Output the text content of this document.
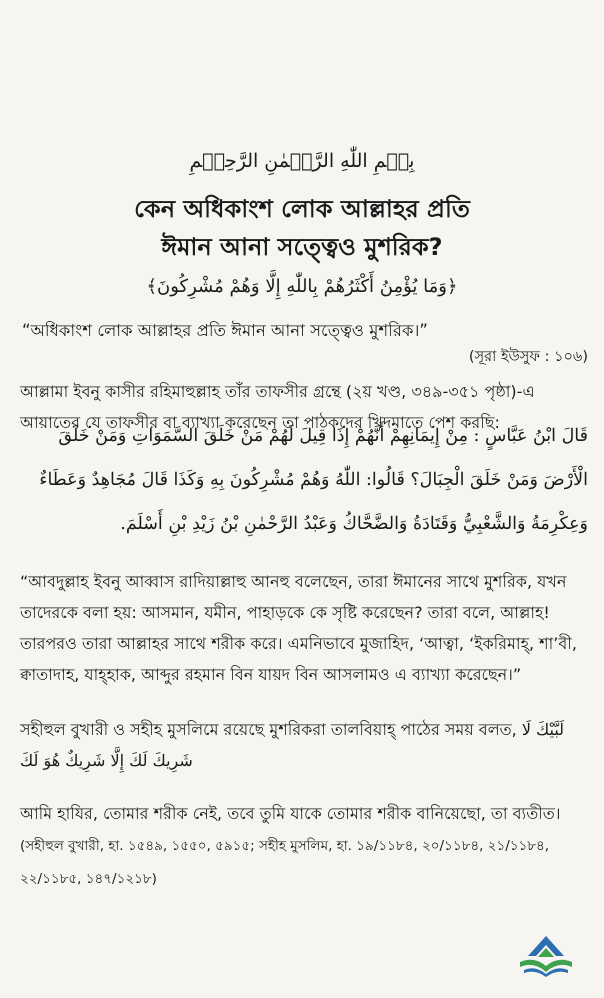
بِسۡمِ اللّٰهِ الرَّحۡمٰنِ الرَّحِیۡمِ
কেন অধিকাংশ লোক আল্লাহর প্রতি
ঈমান আনা সত্ত্বেও মুশরিক?
﴿وَمَا يُؤْمِنُ أَكْثَرُهُمْ بِاللّٰهِ إِلَّا وَهُمْ مُشْرِكُونَ﴾
“অধিকাংশ লোক আল্লাহর প্রতি ঈমান আনা সত্ত্বেও মুশরিক।”
(সূরা ইউসুফ : ১০৬)
আল্লামা ইবনু কাসীর রহিমাহুল্লাহ তাঁর তাফসীর গ্রন্থে (২য় খণ্ড, ৩৪৯-৩৫১ পৃষ্ঠা)-এ আয়াতের যে তাফসীর বা ব্যাখ্যা করেছেন তা পাঠকদের খিদমাতে পেশ করছি:
قَالَ ابْنُ عَبَّاسٍ : مِنْ إِيمَانِهِمْ أَنَّهُمْ إِذَا قِيلَ لَهُمْ مَنْ خَلَقَ السَّمَوَاتِ وَمَنْ خَلَقَ الْأَرْضَ وَمَنْ خَلَقَ الْجِبَالَ؟ قَالُوا: اللّٰهُ وَهُمْ مُشْرِكُونَ بِهِ وَكَذَا قَالَ مُجَاهِدٌ وَعَطَاءٌ وَعِكْرِمَةُ وَالشَّعْبِيُّ وَقَتَادَةُ وَالضَّحَّاكُ وَعَبْدُ الرَّحْمٰنِ بْنُ زَيْدِ بْنِ أَسْلَمَ.
“আবদুল্লাহ ইবনু আব্বাস রাদিয়াল্লাহু আনহু বলেছেন, তারা ঈমানের সাথে মুশরিক, যখন তাদেরকে বলা হয়: আসমান, যমীন, পাহাড়কে কে সৃষ্টি করেছেন? তারা বলে, আল্লাহ! তারপরও তারা আল্লাহর সাথে শরীক করে। এমনিভাবে মুজাহিদ, ‘আত্বা, ‘ইকরিমাহ্, শা’বী, ক্বাতাদাহ, যাহ্হাক, আব্দুর রহমান বিন যায়দ বিন আসলামও এ ব্যাখ্যা করেছেন।”
সহীহুল বুখারী ও সহীহ মুসলিমে রয়েছে মুশরিকরা তালবিয়াহ্ পাঠের সময় বলত, لَبَّيْكَ لَا شَرِيكَ لَكَ إِلَّا شَرِيكٌ هُوَ لَكَ
আমি হাযির, তোমার শরীক নেই, তবে তুমি যাকে তোমার শরীক বানিয়েছো, তা ব্যতীত। (সহীহুল বুখারী, হা. ১৫৪৯, ১৫৫০, ৫৯১৫; সহীহ মুসলিম, হা. ১৯/১১৮৪, ২০/১১৮৪, ২১/১১৮৪, ২২/১১৮৫, ১৪৭/১২১৮)
